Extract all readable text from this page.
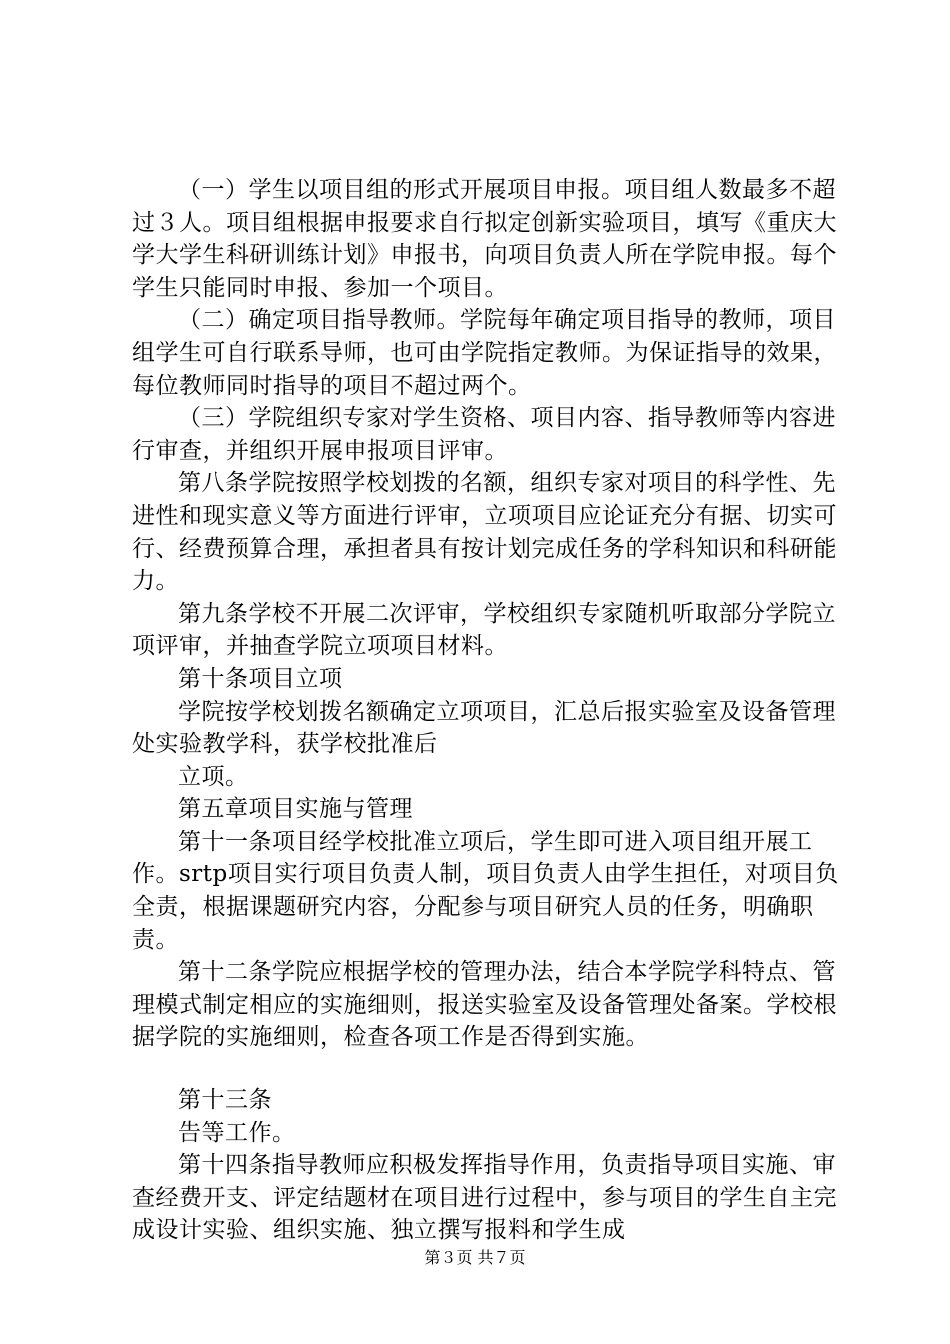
（一）学生以项目组的形式开展项目申报。项目组人数最多不超过３人。项目组根据申报要求自行拟定创新实验项目，填写《重庆大学大学生科研训练计划》申报书，向项目负责人所在学院申报。每个学生只能同时申报、参加一个项目。

（二）确定项目指导教师。学院每年确定项目指导的教师，项目组学生可自行联系导师，也可由学院指定教师。为保证指导的效果，每位教师同时指导的项目不超过两个。

（三）学院组织专家对学生资格、项目内容、指导教师等内容进行审查，并组织开展申报项目评审。

第八条学院按照学校划拨的名额，组织专家对项目的科学性、先进性和现实意义等方面进行评审，立项项目应论证充分有据、切实可行、经费预算合理，承担者具有按计划完成任务的学科知识和科研能力。

第九条学校不开展二次评审，学校组织专家随机听取部分学院立项评审，并抽查学院立项项目材料。

第十条项目立项

学院按学校划拨名额确定立项项目，汇总后报实验室及设备管理处实验教学科，获学校批准后

立项。

第五章项目实施与管理

第十一条项目经学校批准立项后，学生即可进入项目组开展工作。srtp项目实行项目负责人制，项目负责人由学生担任，对项目负全责，根据课题研究内容，分配参与项目研究人员的任务，明确职责。

第十二条学院应根据学校的管理办法，结合本学院学科特点、管理模式制定相应的实施细则，报送实验室及设备管理处备案。学校根据学院的实施细则，检查各项工作是否得到实施。

第十三条

告等工作。

第十四条指导教师应积极发挥指导作用，负责指导项目实施、审查经费开支、评定结题材在项目进行过程中，参与项目的学生自主完成设计实验、组织实施、独立撰写报料和学生成

第３页 共７页
